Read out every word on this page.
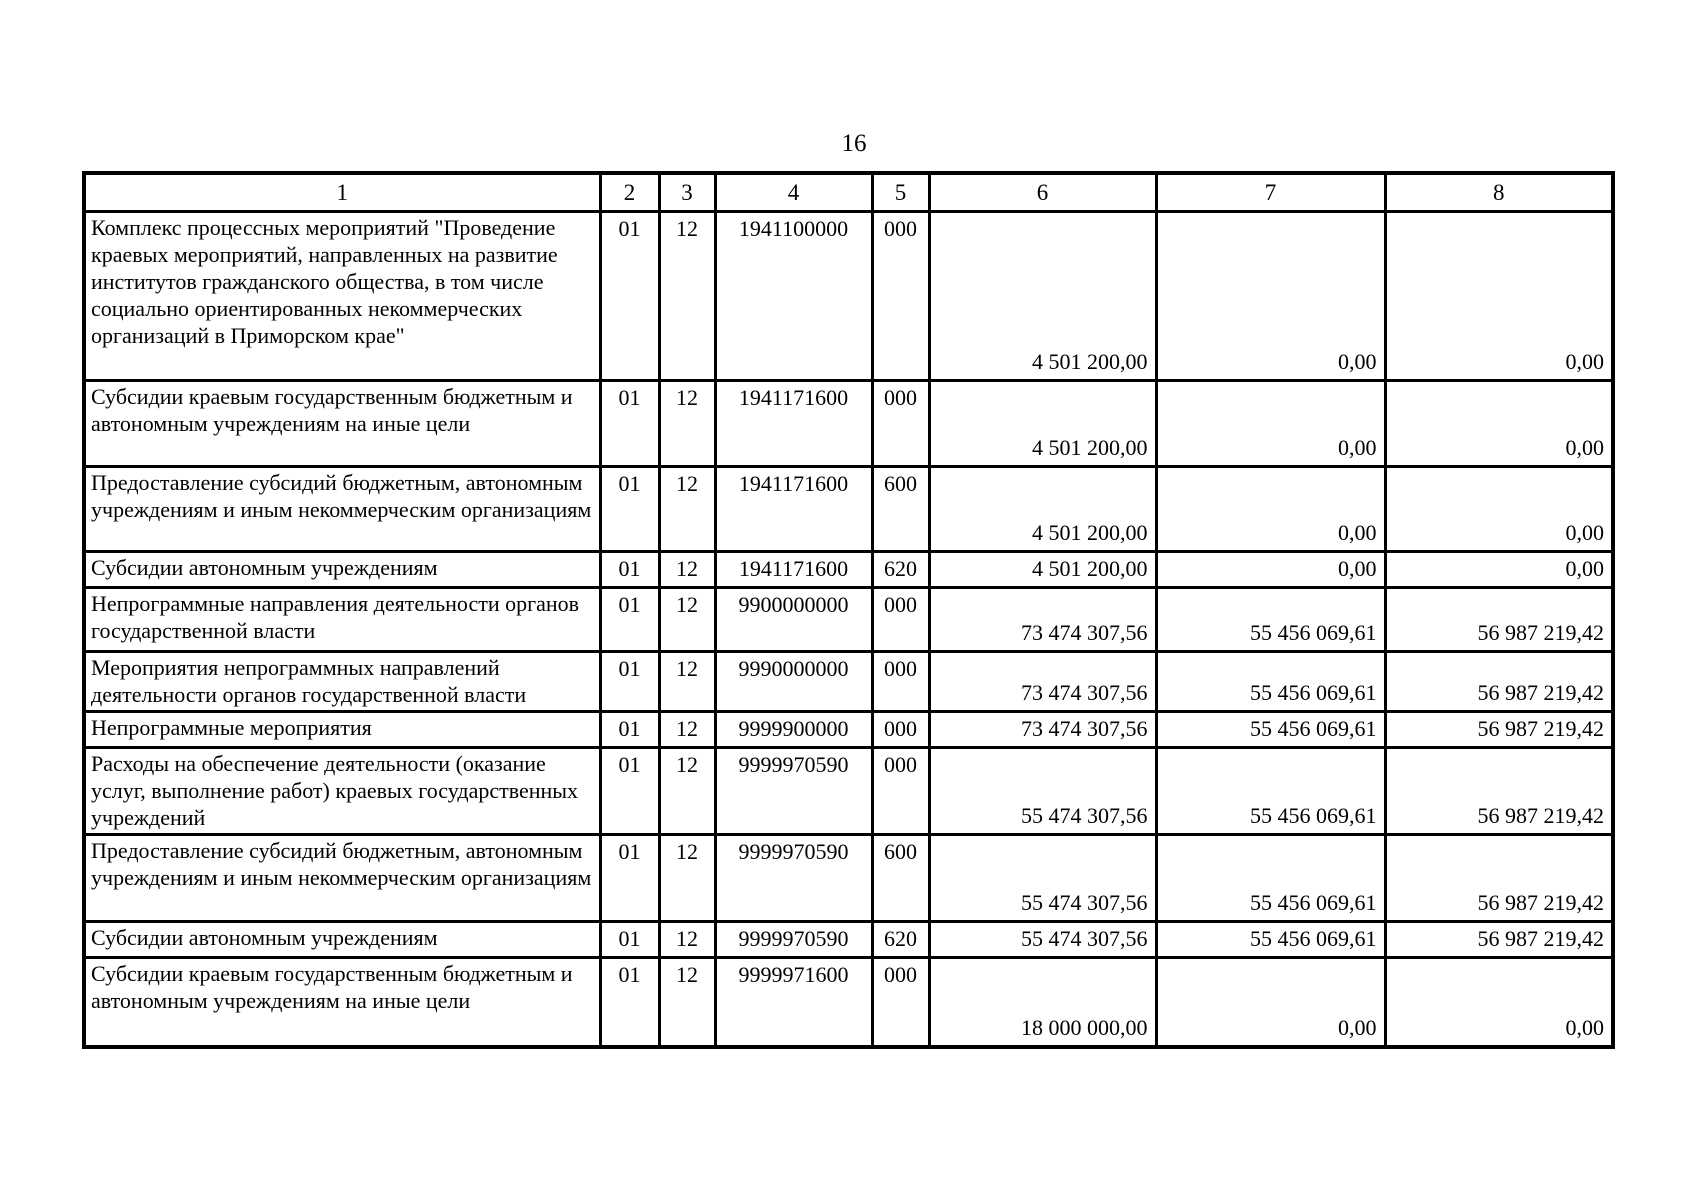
16
1	2	3	4	5	6	7	8
Комплекс процессных мероприятий "Проведение краевых мероприятий, направленных на развитие институтов гражданского общества, в том числе социально ориентированных некоммерческих организаций в Приморском крае"	01	12	1941100000	000	4 501 200,00	0,00	0,00
Субсидии краевым государственным бюджетным и автономным учреждениям на иные цели	01	12	1941171600	000	4 501 200,00	0,00	0,00
Предоставление субсидий бюджетным, автономным учреждениям и иным некоммерческим организациям	01	12	1941171600	600	4 501 200,00	0,00	0,00
Субсидии автономным учреждениям	01	12	1941171600	620	4 501 200,00	0,00	0,00
Непрограммные направления деятельности органов государственной власти	01	12	9900000000	000	73 474 307,56	55 456 069,61	56 987 219,42
Мероприятия непрограммных направлений деятельности органов государственной власти	01	12	9990000000	000	73 474 307,56	55 456 069,61	56 987 219,42
Непрограммные мероприятия	01	12	9999900000	000	73 474 307,56	55 456 069,61	56 987 219,42
Расходы на обеспечение деятельности (оказание услуг, выполнение работ) краевых государственных учреждений	01	12	9999970590	000	55 474 307,56	55 456 069,61	56 987 219,42
Предоставление субсидий бюджетным, автономным учреждениям и иным некоммерческим организациям	01	12	9999970590	600	55 474 307,56	55 456 069,61	56 987 219,42
Субсидии автономным учреждениям	01	12	9999970590	620	55 474 307,56	55 456 069,61	56 987 219,42
Субсидии краевым государственным бюджетным и автономным учреждениям на иные цели	01	12	9999971600	000	18 000 000,00	0,00	0,00
